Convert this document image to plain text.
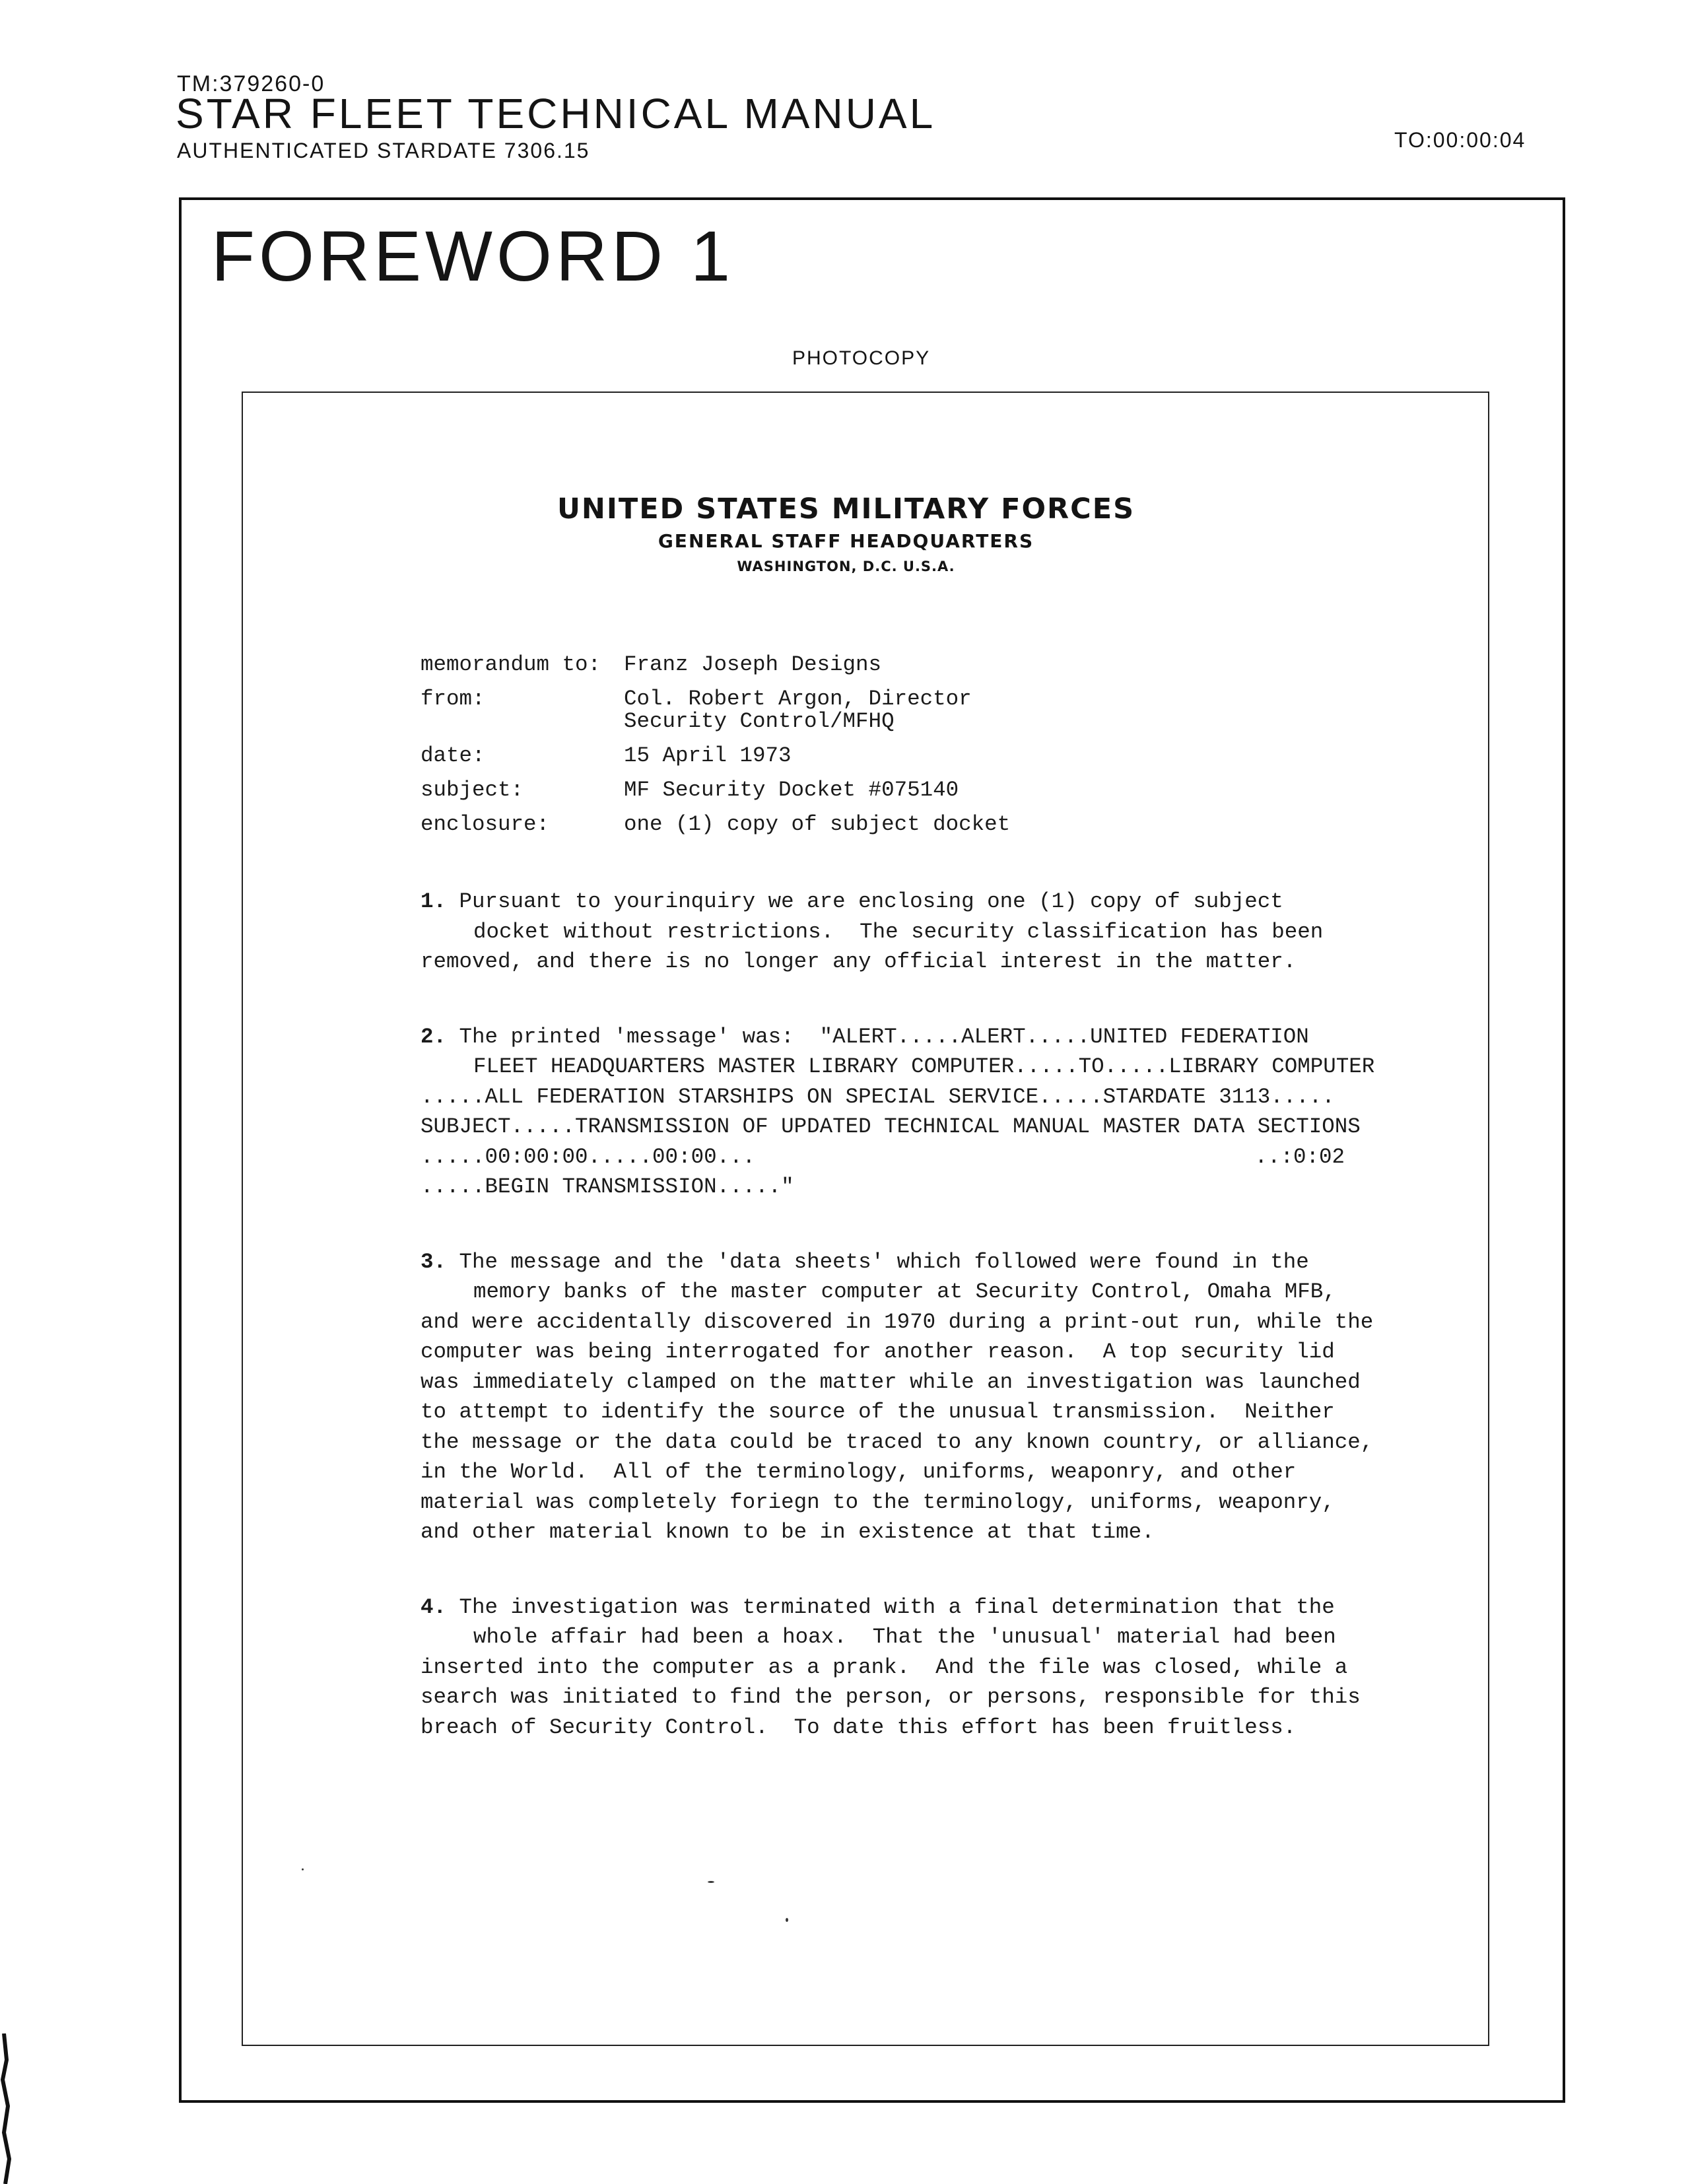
TM:379260-0
STAR FLEET TECHNICAL MANUAL
AUTHENTICATED STARDATE 7306.15	TO:00:00:04
FOREWORD 1
PHOTOCOPY
UNITED STATES MILITARY FORCES
GENERAL STAFF HEADQUARTERS
WASHINGTON, D.C. U.S.A.
memorandum to:	Franz Joseph Designs
from:	Col. Robert Argon, Director
Security Control/MFHQ
date:	15 April 1973
subject:	MF Security Docket #075140
enclosure:	one (1) copy of subject docket
1. Pursuant to yourinquiry we are enclosing one (1) copy of subject
docket without restrictions.  The security classification has been
removed, and there is no longer any official interest in the matter.
2. The printed 'message' was:  "ALERT.....ALERT.....UNITED FEDERATION
FLEET HEADQUARTERS MASTER LIBRARY COMPUTER.....TO.....LIBRARY COMPUTER
.....ALL FEDERATION STARSHIPS ON SPECIAL SERVICE.....STARDATE 3113.....
SUBJECT.....TRANSMISSION OF UPDATED TECHNICAL MANUAL MASTER DATA SECTIONS
.....00:00:00.....00:00...	..:0:02
.....BEGIN TRANSMISSION....."
3. The message and the 'data sheets' which followed were found in the
memory banks of the master computer at Security Control, Omaha MFB,
and were accidentally discovered in 1970 during a print-out run, while the
computer was being interrogated for another reason.  A top security lid
was immediately clamped on the matter while an investigation was launched
to attempt to identify the source of the unusual transmission.  Neither
the message or the data could be traced to any known country, or alliance,
in the World.  All of the terminology, uniforms, weaponry, and other
material was completely foriegn to the terminology, uniforms, weaponry,
and other material known to be in existence at that time.
4. The investigation was terminated with a final determination that the
whole affair had been a hoax.  That the 'unusual' material had been
inserted into the computer as a prank.  And the file was closed, while a
search was initiated to find the person, or persons, responsible for this
breach of Security Control.  To date this effort has been fruitless.
